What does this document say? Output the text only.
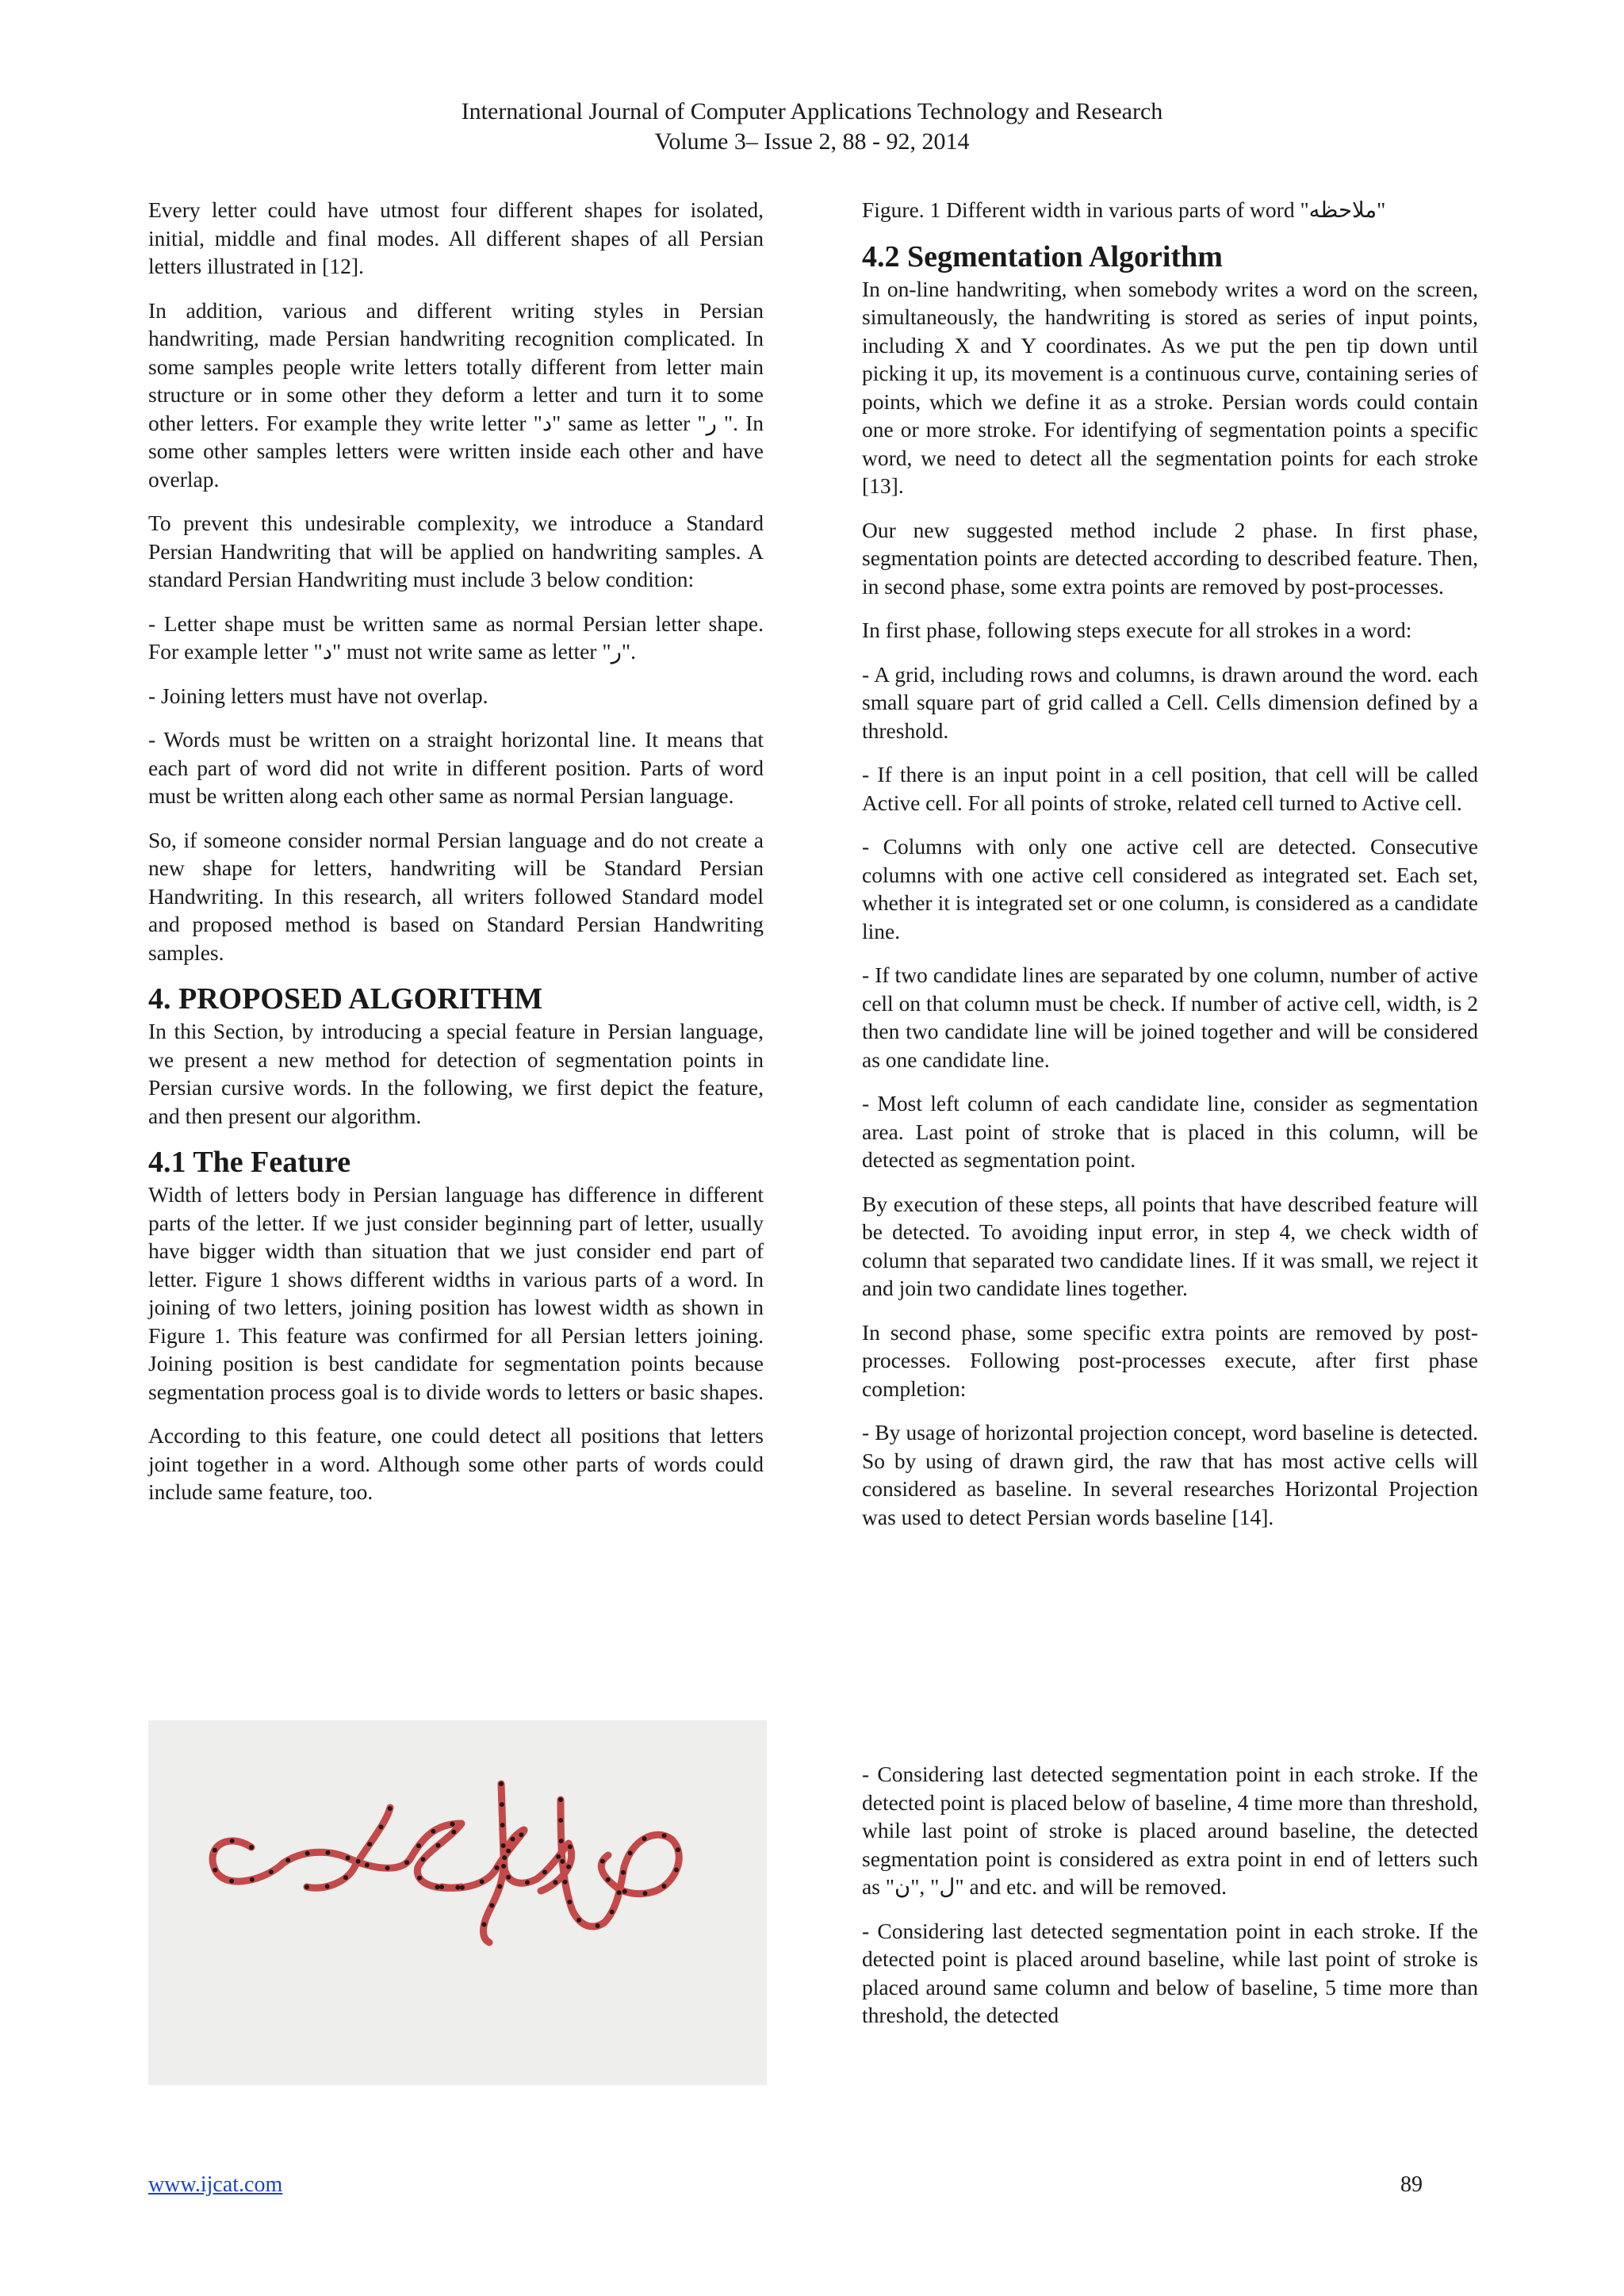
International Journal of Computer Applications Technology and Research
Volume 3– Issue 2, 88 - 92, 2014

Every letter could have utmost four different shapes for isolated, initial, middle and final modes. All different shapes of all Persian letters illustrated in [12].

In addition, various and different writing styles in Persian handwriting, made Persian handwriting recognition complicated. In some samples people write letters totally different from letter main structure or in some other they deform a letter and turn it to some other letters. For example they write letter "د" same as letter "ر ". In some other samples letters were written inside each other and have overlap.

To prevent this undesirable complexity, we introduce a Standard Persian Handwriting that will be applied on handwriting samples. A standard Persian Handwriting must include 3 below condition:

- Letter shape must be written same as normal Persian letter shape. For example letter "د" must not write same as letter "ر".

- Joining letters must have not overlap.

- Words must be written on a straight horizontal line. It means that each part of word did not write in different position. Parts of word must be written along each other same as normal Persian language.

So, if someone consider normal Persian language and do not create a new shape for letters, handwriting will be Standard Persian Handwriting. In this research, all writers followed Standard model and proposed method is based on Standard Persian Handwriting samples.

4. PROPOSED ALGORITHM

In this Section, by introducing a special feature in Persian language, we present a new method for detection of segmentation points in Persian cursive words. In the following, we first depict the feature, and then present our algorithm.

4.1 The Feature

Width of letters body in Persian language has difference in different parts of the letter. If we just consider beginning part of letter, usually have bigger width than situation that we just consider end part of letter. Figure 1 shows different widths in various parts of a word. In joining of two letters, joining position has lowest width as shown in Figure 1. This feature was confirmed for all Persian letters joining. Joining position is best candidate for segmentation points because segmentation process goal is to divide words to letters or basic shapes.

According to this feature, one could detect all positions that letters joint together in a word. Although some other parts of words could include same feature, too.

Figure. 1 Different width in various parts of word "ملاحظه"

4.2 Segmentation Algorithm

In on-line handwriting, when somebody writes a word on the screen, simultaneously, the handwriting is stored as series of input points, including X and Y coordinates. As we put the pen tip down until picking it up, its movement is a continuous curve, containing series of points, which we define it as a stroke. Persian words could contain one or more stroke. For identifying of segmentation points a specific word, we need to detect all the segmentation points for each stroke [13].

Our new suggested method include 2 phase. In first phase, segmentation points are detected according to described feature. Then, in second phase, some extra points are removed by post-processes.

In first phase, following steps execute for all strokes in a word:

- A grid, including rows and columns, is drawn around the word. each small square part of grid called a Cell. Cells dimension defined by a threshold.

- If there is an input point in a cell position, that cell will be called Active cell. For all points of stroke, related cell turned to Active cell.

- Columns with only one active cell are detected. Consecutive columns with one active cell considered as integrated set. Each set, whether it is integrated set or one column, is considered as a candidate line.

- If two candidate lines are separated by one column, number of active cell on that column must be check. If number of active cell, width, is 2 then two candidate line will be joined together and will be considered as one candidate line.

- Most left column of each candidate line, consider as segmentation area. Last point of stroke that is placed in this column, will be detected as segmentation point.

By execution of these steps, all points that have described feature will be detected. To avoiding input error, in step 4, we check width of column that separated two candidate lines. If it was small, we reject it and join two candidate lines together.

In second phase, some specific extra points are removed by post-processes. Following post-processes execute, after first phase completion:

- By usage of horizontal projection concept, word baseline is detected. So by using of drawn gird, the raw that has most active cells will considered as baseline. In several researches Horizontal Projection was used to detect Persian words baseline [14].

- Considering last detected segmentation point in each stroke. If the detected point is placed below of baseline, 4 time more than threshold, while last point of stroke is placed around baseline, the detected segmentation point is considered as extra point in end of letters such as "ل" ,"ن" and etc. and will be removed.

- Considering last detected segmentation point in each stroke. If the detected point is placed around baseline, while last point of stroke is placed around same column and below of baseline, 5 time more than threshold, the detected

www.ijcat.com	89
